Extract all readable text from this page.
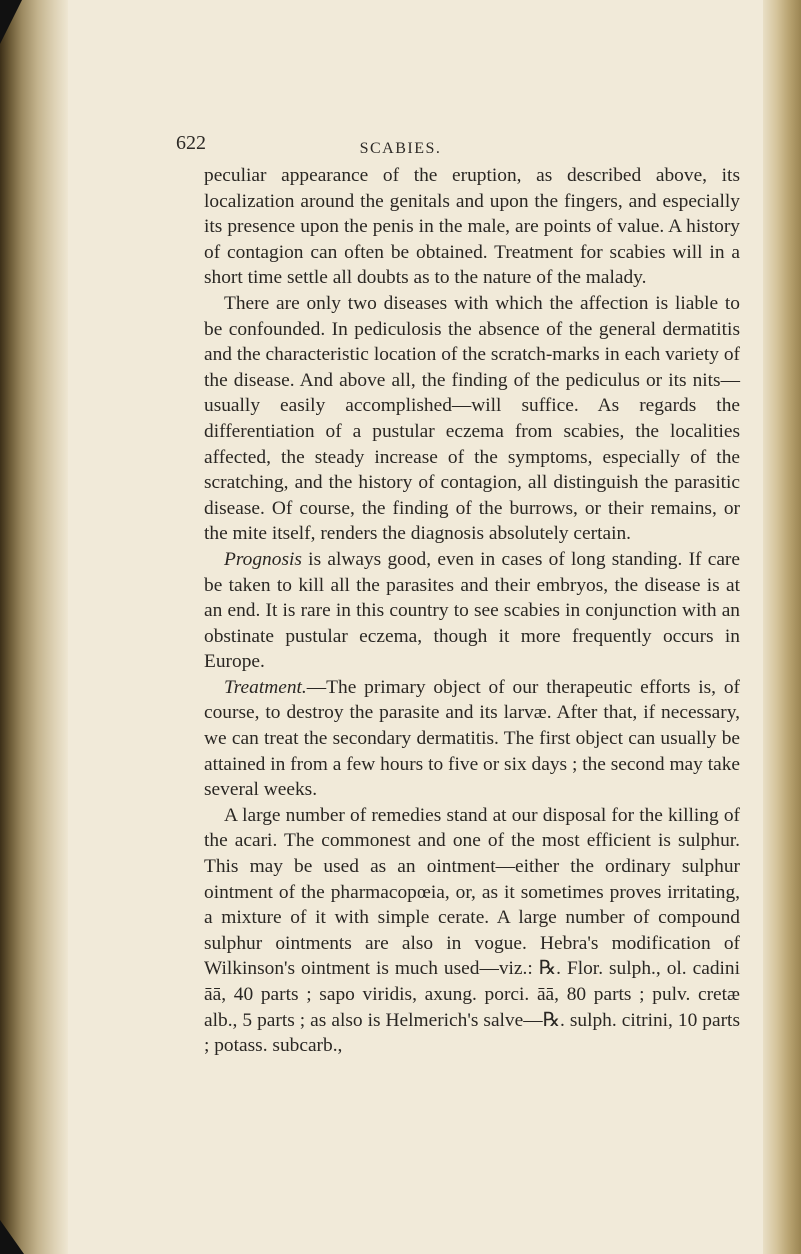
622	SCABIES.

peculiar appearance of the eruption, as described above, its localization around the genitals and upon the fingers, and especially its presence upon the penis in the male, are points of value. A history of contagion can often be obtained. Treatment for scabies will in a short time settle all doubts as to the nature of the malady.

There are only two diseases with which the affection is liable to be confounded. In pediculosis the absence of the general dermatitis and the characteristic location of the scratch-marks in each variety of the disease. And above all, the finding of the pediculus or its nits—usually easily accomplished—will suffice. As regards the differentiation of a pustular eczema from scabies, the localities affected, the steady increase of the symptoms, especially of the scratching, and the history of contagion, all distinguish the parasitic disease. Of course, the finding of the burrows, or their remains, or the mite itself, renders the diagnosis absolutely certain.

Prognosis is always good, even in cases of long standing. If care be taken to kill all the parasites and their embryos, the disease is at an end. It is rare in this country to see scabies in conjunction with an obstinate pustular eczema, though it more frequently occurs in Europe.

Treatment.—The primary object of our therapeutic efforts is, of course, to destroy the parasite and its larvæ. After that, if necessary, we can treat the secondary dermatitis. The first object can usually be attained in from a few hours to five or six days ; the second may take several weeks.

A large number of remedies stand at our disposal for the killing of the acari. The commonest and one of the most efficient is sulphur. This may be used as an ointment—either the ordinary sulphur ointment of the pharmacopœia, or, as it sometimes proves irritating, a mixture of it with simple cerate. A large number of compound sulphur ointments are also in vogue. Hebra's modification of Wilkinson's ointment is much used—viz.: ℞. Flor. sulph., ol. cadini āā, 40 parts ; sapo viridis, axung. porci. āā, 80 parts ; pulv. cretæ alb., 5 parts ; as also is Helmerich's salve—℞. sulph. citrini, 10 parts ; potass. subcarb.,
